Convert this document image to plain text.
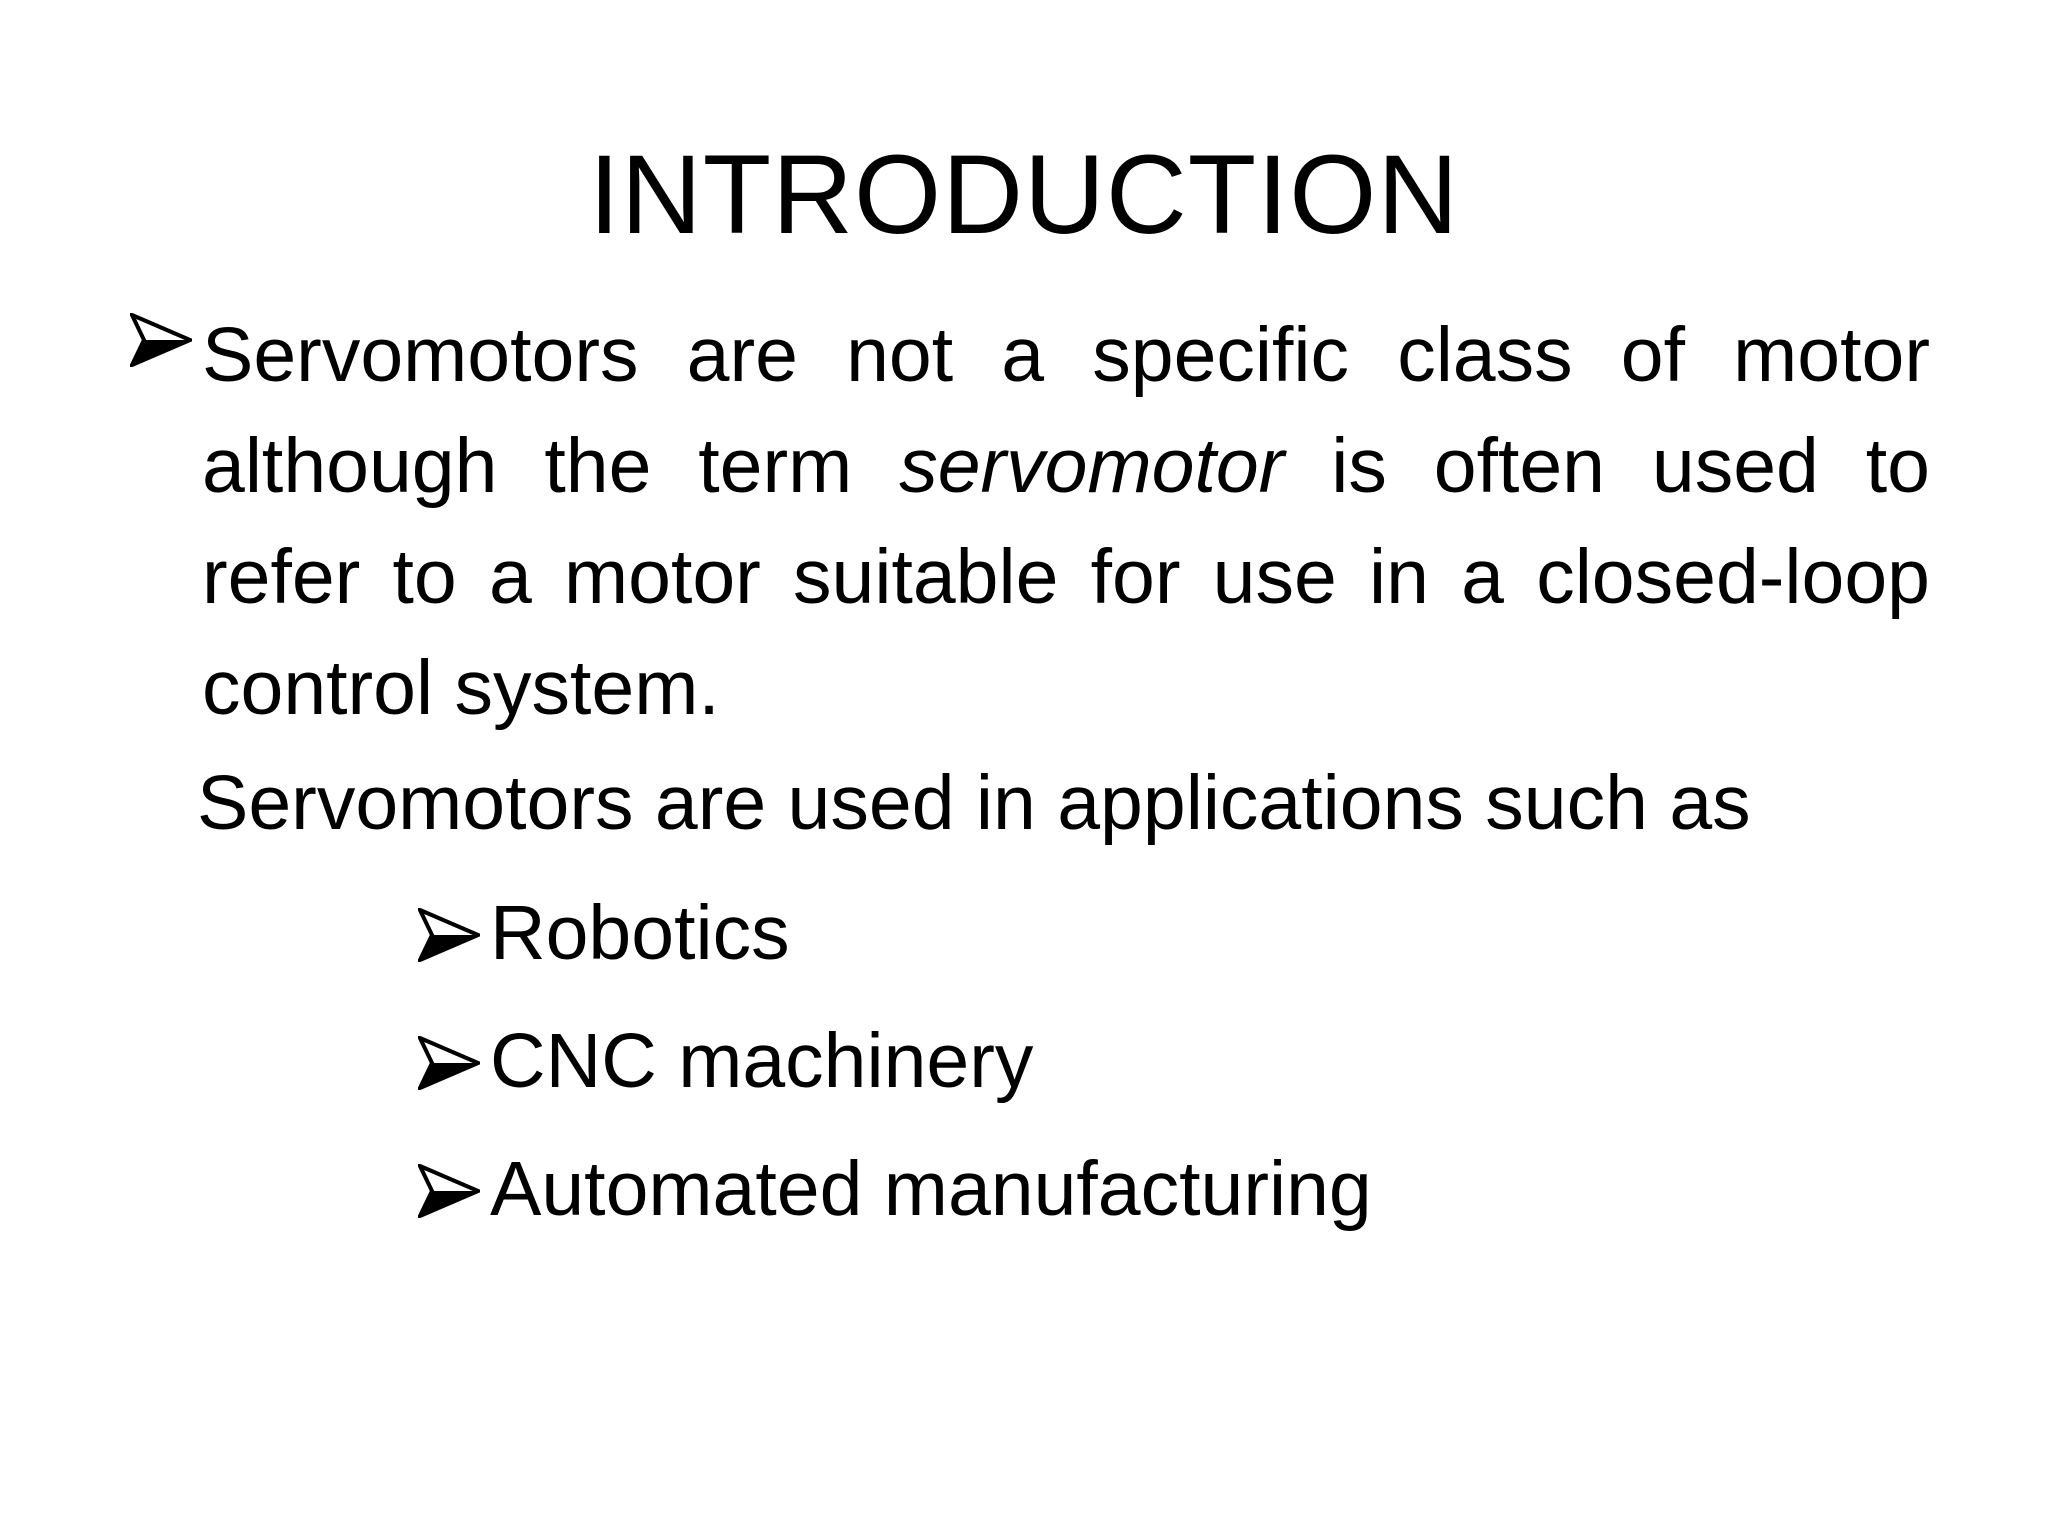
INTRODUCTION

Servomotors are not a specific class of motor although the term servomotor is often used to refer to a motor suitable for use in a closed-loop control system.

Servomotors are used in applications such as

Robotics
CNC machinery
Automated manufacturing
